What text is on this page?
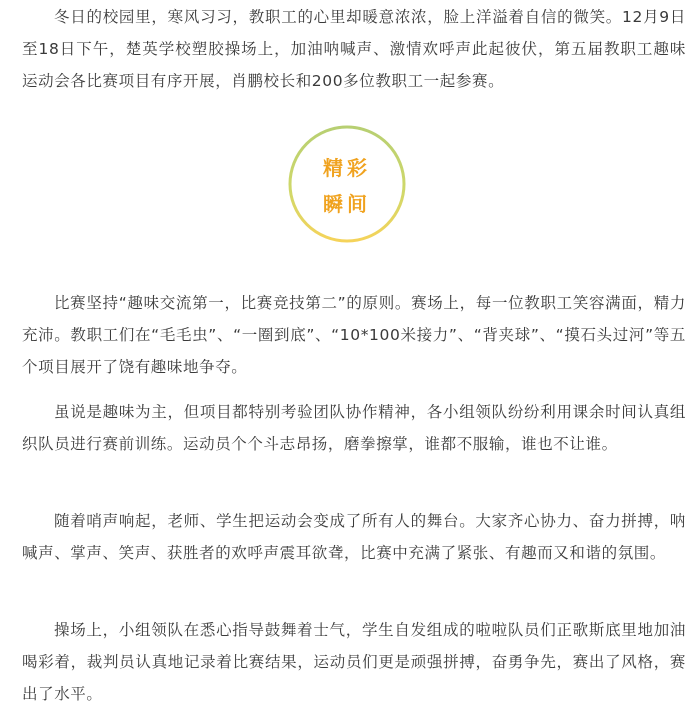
冬日的校园里，寒风习习，教职工的心里却暖意浓浓，脸上洋溢着自信的微笑。12月9日至18日下午，楚英学校塑胶操场上，加油呐喊声、激情欢呼声此起彼伏，第五届教职工趣味运动会各比赛项目有序开展，肖鹏校长和200多位教职工一起参赛。

精彩
瞬间

比赛坚持“趣味交流第一，比赛竞技第二”的原则。赛场上，每一位教职工笑容满面，精力充沛。教职工们在“毛毛虫”、“一圈到底”、“10*100米接力”、“背夹球”、“摸石头过河”等五个项目展开了饶有趣味地争夺。

虽说是趣味为主，但项目都特别考验团队协作精神，各小组领队纷纷利用课余时间认真组织队员进行赛前训练。运动员个个斗志昂扬，磨拳擦掌，谁都不服输，谁也不让谁。

随着哨声响起，老师、学生把运动会变成了所有人的舞台。大家齐心协力、奋力拼搏，呐喊声、掌声、笑声、获胜者的欢呼声震耳欲聋，比赛中充满了紧张、有趣而又和谐的氛围。

操场上，小组领队在悉心指导鼓舞着士气，学生自发组成的啦啦队员们正歌斯底里地加油喝彩着，裁判员认真地记录着比赛结果，运动员们更是顽强拼搏，奋勇争先，赛出了风格，赛出了水平。
